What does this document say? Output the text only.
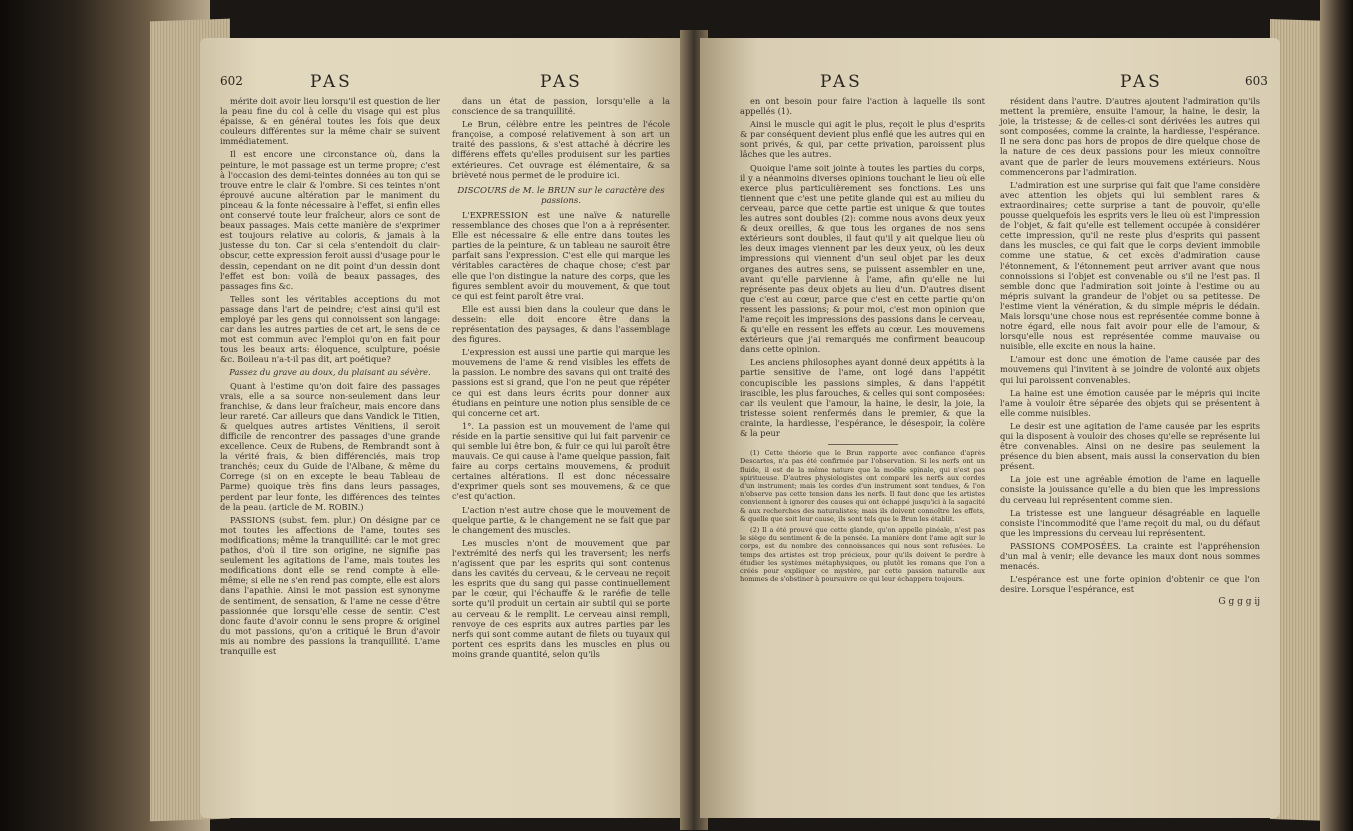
602	PAS	PAS

mérite doit avoir lieu lorsqu'il est question de lier la peau fine du col à celle du visage qui est plus épaisse, & en général toutes les fois que deux couleurs différentes sur la même chair se suivent immédiatement.

Il est encore une circonstance où, dans la peinture, le mot passage est un terme propre; c'est à l'occasion des demi-teintes données au ton qui se trouve entre le clair & l'ombre. Si ces teintes n'ont éprouvé aucune altération par le maniment du pinceau & la fonte nécessaire à l'effet, si enfin elles ont conservé toute leur fraîcheur, alors ce sont de beaux passages. Mais cette manière de s'exprimer est toujours relative au coloris, & jamais à la justesse du ton. Car si cela s'entendoit du clair-obscur, cette expression feroit aussi d'usage pour le dessin, cependant on ne dit point d'un dessin dont l'effet est bon: voilà de beaux passages, des passages fins &c.

Telles sont les véritables acceptions du mot passage dans l'art de peindre; c'est ainsi qu'il est employé par les gens qui connoissent son langage: car dans les autres parties de cet art, le sens de ce mot est commun avec l'emploi qu'on en fait pour tous les beaux arts: éloquence, sculpture, poésie &c. Boileau n'a-t-il pas dit, art poétique?

Passez du grave au doux, du plaisant au sévère.

Quant à l'estime qu'on doit faire des passages vrais, elle a sa source non-seulement dans leur franchise, & dans leur fraîcheur, mais encore dans leur rareté. Car ailleurs que dans Vandick le Titien, & quelques autres artistes Vénitiens, il seroit difficile de rencontrer des passages d'une grande excellence. Ceux de Rubens, de Rembrandt sont à la vérité frais, & bien différenciés, mais trop tranchés; ceux du Guide de l'Albane, & même du Correge (si on en excepte le beau Tableau de Parme) quoique très fins dans leurs passages, perdent par leur fonte, les différences des teintes de la peau. (article de M. ROBIN.)

PASSIONS (subst. fem. plur.) On désigne par ce mot toutes les affections de l'ame, toutes ses modifications; même la tranquillité: car le mot grec pathos, d'où il tire son origine, ne signifie pas seulement les agitations de l'ame, mais toutes les modifications dont elle se rend compte à elle-même; si elle ne s'en rend pas compte, elle est alors dans l'apathie. Ainsi le mot passion est synonyme de sentiment, de sensation, & l'ame ne cesse d'être passionnée que lorsqu'elle cesse de sentir. C'est donc faute d'avoir connu le sens propre & originel du mot passions, qu'on a critiqué le Brun d'avoir mis au nombre des passions la tranquillité. L'ame tranquille est

dans un état de passion, lorsqu'elle a la conscience de sa tranquillité.

Le Brun, célèbre entre les peintres de l'école françoise, a composé relativement à son art un traité des passions, & s'est attaché à décrire les différens effets qu'elles produisent sur les parties extérieures. Cet ouvrage est élémentaire, & sa brièveté nous permet de le produire ici.

DISCOURS de M. le BRUN sur le caractère des passions.

L'EXPRESSION est une naïve & naturelle ressemblance des choses que l'on a à représenter. Elle est nécessaire & elle entre dans toutes les parties de la peinture, & un tableau ne sauroit être parfait sans l'expression. C'est elle qui marque les véritables caractères de chaque chose; c'est par elle que l'on distingue la nature des corps, que les figures semblent avoir du mouvement, & que tout ce qui est feint paroît être vrai.

Elle est aussi bien dans la couleur que dans le dessein: elle doit encore être dans la représentation des paysages, & dans l'assemblage des figures.

L'expression est aussi une partie qui marque les mouvemens de l'ame & rend visibles les effets de la passion. Le nombre des savans qui ont traité des passions est si grand, que l'on ne peut que répéter ce qui est dans leurs écrits pour donner aux étudians en peinture une notion plus sensible de ce qui concerne cet art.

1°. La passion est un mouvement de l'ame qui réside en la partie sensitive qui lui fait parvenir ce qui semble lui être bon, & fuir ce qui lui paroît être mauvais. Ce qui cause à l'ame quelque passion, fait faire au corps certains mouvemens, & produit certaines altérations. Il est donc nécessaire d'exprimer quels sont ses mouvemens, & ce que c'est qu'action.

L'action n'est autre chose que le mouvement de quelque partie, & le changement ne se fait que par le changement des muscles.

Les muscles n'ont de mouvement que par l'extrémité des nerfs qui les traversent; les nerfs n'agissent que par les esprits qui sont contenus dans les cavités du cerveau, & le cerveau ne reçoit les esprits que du sang qui passe continuellement par le cœur, qui l'échauffe & le raréfie de telle sorte qu'il produit un certain air subtil qui se porte au cerveau & le remplit. Le cerveau ainsi rempli, renvoye de ces esprits aux autres parties par les nerfs qui sont comme autant de filets ou tuyaux qui portent ces esprits dans les muscles en plus ou moins grande quantité, selon qu'ils

PAS	PAS	603

en ont besoin pour faire l'action à laquelle ils sont appellés (1).

Ainsi le muscle qui agit le plus, reçoit le plus d'esprits & par conséquent devient plus enflé que les autres qui en sont privés, & qui, par cette privation, paroissent plus lâches que les autres.

Quoique l'ame soit jointe à toutes les parties du corps, il y a néanmoins diverses opinions touchant le lieu où elle exerce plus particulièrement ses fonctions. Les uns tiennent que c'est une petite glande qui est au milieu du cerveau, parce que cette partie est unique & que toutes les autres sont doubles (2): comme nous avons deux yeux & deux oreilles, & que tous les organes de nos sens extérieurs sont doubles, il faut qu'il y ait quelque lieu où les deux images viennent par les deux yeux, où les deux impressions qui viennent d'un seul objet par les deux organes des autres sens, se puissent assembler en une, avant qu'elle parvienne à l'ame, afin qu'elle ne lui représente pas deux objets au lieu d'un. D'autres disent que c'est au cœur, parce que c'est en cette partie qu'on ressent les passions; & pour moi, c'est mon opinion que l'ame reçoit les impressions des passions dans le cerveau, & qu'elle en ressent les effets au cœur. Les mouvemens extérieurs que j'ai remarqués me confirment beaucoup dans cette opinion.

Les anciens philosophes ayant donné deux appétits à la partie sensitive de l'ame, ont logé dans l'appétit concupiscible les passions simples, & dans l'appétit irascible, les plus farouches, & celles qui sont composées: car ils veulent que l'amour, la haine, le desir, la joie, la tristesse soient renfermés dans le premier, & que la crainte, la hardiesse, l'espérance, le désespoir, la colère & la peur

(1) Cette théorie que le Brun rapporte avec confiance d'après Descartes, n'a pas été confirmée par l'observation. Si les nerfs ont un fluide, il est de la même nature que la moëlle spinale, qui n'est pas spiritueuse. D'autres physiologistes ont comparé les nerfs aux cordes d'un instrument; mais les cordes d'un instrument sont tendues, & l'on n'observe pas cette tension dans les nerfs. Il faut donc que les artistes conviennent à ignorer des causes qui ont échappé jusqu'ici à la sagacité & aux recherches des naturalistes; mais ils doivent connoître les effets, & quelle que soit leur cause, ils sont tels que le Brun les établit.

(2) Il a été prouvé que cette glande, qu'on appelle pinéale, n'est pas le siège du sentiment & de la pensée. La manière dont l'ame agit sur le corps, est du nombre des connoissances qui nous sont refusées. Le temps des artistes est trop précieux, pour qu'ils doivent le perdre à étudier les systèmes métaphysiques, ou plutôt les romans que l'on a créés pour expliquer ce mystère, par cette passion naturelle aux hommes de s'obstiner à poursuivre ce qui leur échappera toujours.

résident dans l'autre. D'autres ajoutent l'admiration qu'ils mettent la première, ensuite l'amour, la haine, le desir, la joie, la tristesse; & de celles-ci sont dérivées les autres qui sont composées, comme la crainte, la hardiesse, l'espérance. Il ne sera donc pas hors de propos de dire quelque chose de la nature de ces deux passions pour les mieux connoître avant que de parler de leurs mouvemens extérieurs. Nous commencerons par l'admiration.

L'admiration est une surprise qui fait que l'ame considère avec attention les objets qui lui semblent rares & extraordinaires; cette surprise a tant de pouvoir, qu'elle pousse quelquefois les esprits vers le lieu où est l'impression de l'objet, & fait qu'elle est tellement occupée à considérer cette impression, qu'il ne reste plus d'esprits qui passent dans les muscles, ce qui fait que le corps devient immobile comme une statue, & cet excès d'admiration cause l'étonnement, & l'étonnement peut arriver avant que nous connoissions si l'objet est convenable ou s'il ne l'est pas. Il semble donc que l'admiration soit jointe à l'estime ou au mépris suivant la grandeur de l'objet ou sa petitesse. De l'estime vient la vénération, & du simple mépris le dédain. Mais lorsqu'une chose nous est représentée comme bonne à notre égard, elle nous fait avoir pour elle de l'amour, & lorsqu'elle nous est représentée comme mauvaise ou nuisible, elle excite en nous la haine.

L'amour est donc une émotion de l'ame causée par des mouvemens qui l'invitent à se joindre de volonté aux objets qui lui paroissent convenables.

La haine est une émotion causée par le mépris qui incite l'ame à vouloir être séparée des objets qui se présentent à elle comme nuisibles.

Le desir est une agitation de l'ame causée par les esprits qui la disposent à vouloir des choses qu'elle se représente lui être convenables. Ainsi on ne desire pas seulement la présence du bien absent, mais aussi la conservation du bien présent.

La joie est une agréable émotion de l'ame en laquelle consiste la jouissance qu'elle a du bien que les impressions du cerveau lui représentent comme sien.

La tristesse est une langueur désagréable en laquelle consiste l'incommodité que l'ame reçoit du mal, ou du défaut que les impressions du cerveau lui représentent.

PASSIONS COMPOSÉES. La crainte est l'appréhension d'un mal à venir; elle devance les maux dont nous sommes menacés.

L'espérance est une forte opinion d'obtenir ce que l'on desire. Lorsque l'espérance, est

G g g g ij
